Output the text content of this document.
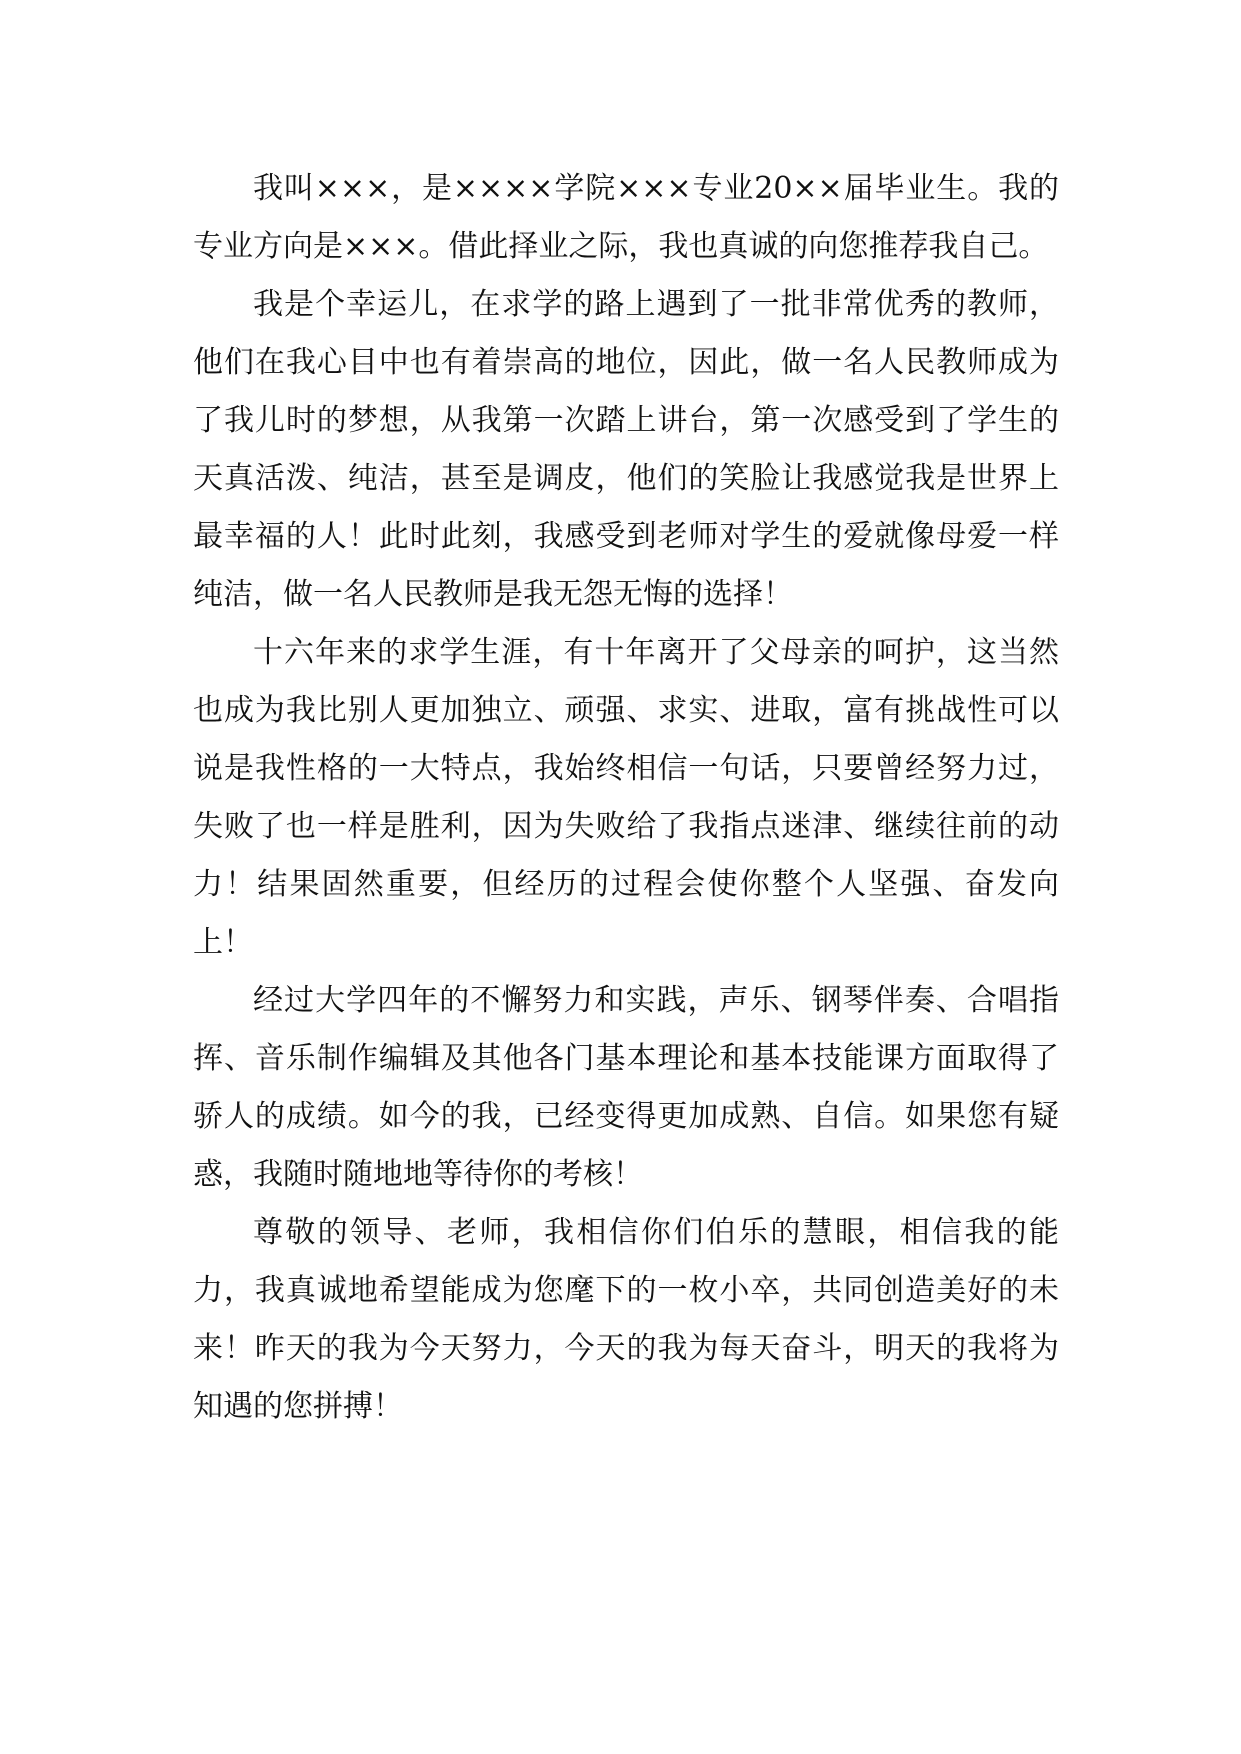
我叫×××，是××××学院×××专业20××届毕业生。我的专业方向是×××。借此择业之际，我也真诚的向您推荐我自己。

我是个幸运儿，在求学的路上遇到了一批非常优秀的教师，他们在我心目中也有着崇高的地位，因此，做一名人民教师成为了我儿时的梦想，从我第一次踏上讲台，第一次感受到了学生的天真活泼、纯洁，甚至是调皮，他们的笑脸让我感觉我是世界上最幸福的人！此时此刻，我感受到老师对学生的爱就像母爱一样纯洁，做一名人民教师是我无怨无悔的选择！

十六年来的求学生涯，有十年离开了父母亲的呵护，这当然也成为我比别人更加独立、顽强、求实、进取，富有挑战性可以说是我性格的一大特点，我始终相信一句话，只要曾经努力过，失败了也一样是胜利，因为失败给了我指点迷津、继续往前的动力！结果固然重要，但经历的过程会使你整个人坚强、奋发向上！

经过大学四年的不懈努力和实践，声乐、钢琴伴奏、合唱指挥、音乐制作编辑及其他各门基本理论和基本技能课方面取得了骄人的成绩。如今的我，已经变得更加成熟、自信。如果您有疑惑，我随时随地地等待你的考核！

尊敬的领导、老师，我相信你们伯乐的慧眼，相信我的能力，我真诚地希望能成为您麾下的一枚小卒，共同创造美好的未来！昨天的我为今天努力，今天的我为每天奋斗，明天的我将为知遇的您拼搏！
